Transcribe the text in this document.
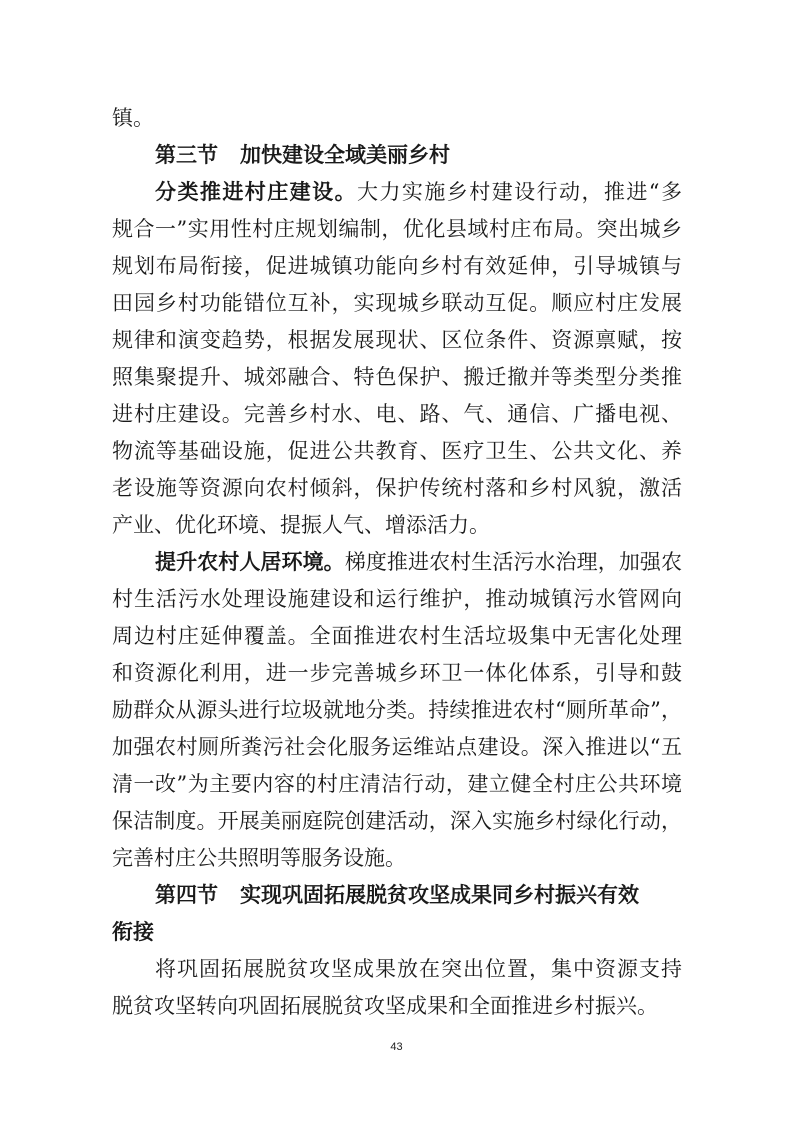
镇。
第三节 加快建设全域美丽乡村
分类推进村庄建设。大力实施乡村建设行动，推进“多
规合一”实用性村庄规划编制，优化县域村庄布局。突出城乡
规划布局衔接，促进城镇功能向乡村有效延伸，引导城镇与
田园乡村功能错位互补，实现城乡联动互促。顺应村庄发展
规律和演变趋势，根据发展现状、区位条件、资源禀赋，按
照集聚提升、城郊融合、特色保护、搬迁撤并等类型分类推
进村庄建设。完善乡村水、电、路、气、通信、广播电视、
物流等基础设施，促进公共教育、医疗卫生、公共文化、养
老设施等资源向农村倾斜，保护传统村落和乡村风貌，激活
产业、优化环境、提振人气、增添活力。
提升农村人居环境。梯度推进农村生活污水治理，加强农
村生活污水处理设施建设和运行维护，推动城镇污水管网向
周边村庄延伸覆盖。全面推进农村生活垃圾集中无害化处理
和资源化利用，进一步完善城乡环卫一体化体系，引导和鼓
励群众从源头进行垃圾就地分类。持续推进农村“厕所革命”，
加强农村厕所粪污社会化服务运维站点建设。深入推进以“五
清一改”为主要内容的村庄清洁行动，建立健全村庄公共环境
保洁制度。开展美丽庭院创建活动，深入实施乡村绿化行动，
完善村庄公共照明等服务设施。
第四节 实现巩固拓展脱贫攻坚成果同乡村振兴有效
衔接
将巩固拓展脱贫攻坚成果放在突出位置，集中资源支持
脱贫攻坚转向巩固拓展脱贫攻坚成果和全面推进乡村振兴。
43
